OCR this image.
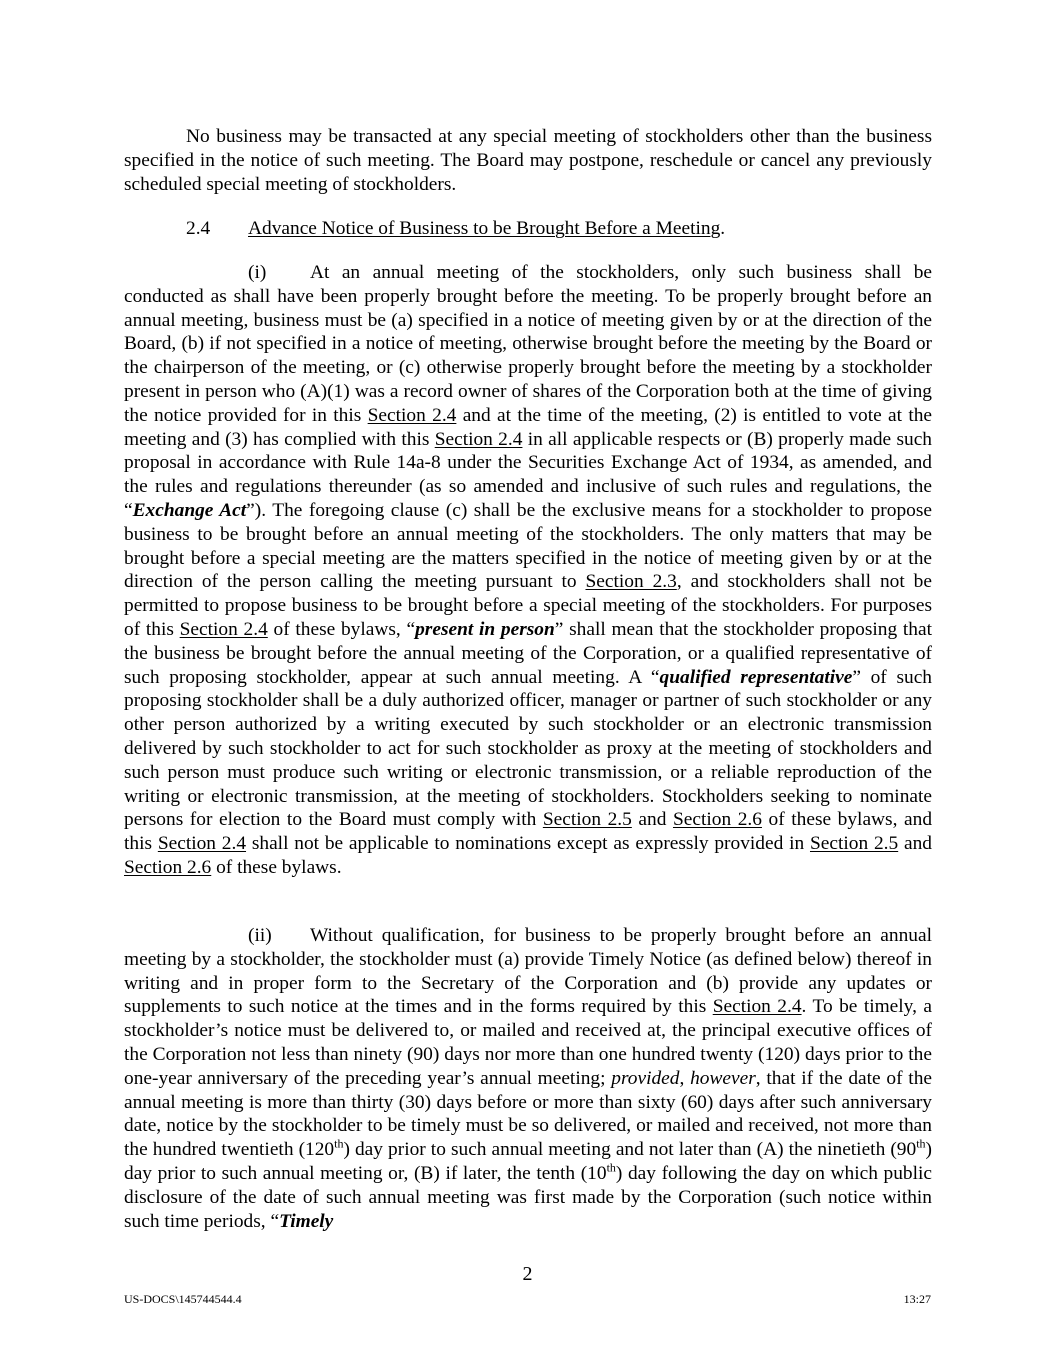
No business may be transacted at any special meeting of stockholders other than the business specified in the notice of such meeting. The Board may postpone, reschedule or cancel any previously scheduled special meeting of stockholders.

2.4 Advance Notice of Business to be Brought Before a Meeting.

(i) At an annual meeting of the stockholders, only such business shall be conducted as shall have been properly brought before the meeting. To be properly brought before an annual meeting, business must be (a) specified in a notice of meeting given by or at the direction of the Board, (b) if not specified in a notice of meeting, otherwise brought before the meeting by the Board or the chairperson of the meeting, or (c) otherwise properly brought before the meeting by a stockholder present in person who (A)(1) was a record owner of shares of the Corporation both at the time of giving the notice provided for in this Section 2.4 and at the time of the meeting, (2) is entitled to vote at the meeting and (3) has complied with this Section 2.4 in all applicable respects or (B) properly made such proposal in accordance with Rule 14a-8 under the Securities Exchange Act of 1934, as amended, and the rules and regulations thereunder (as so amended and inclusive of such rules and regulations, the “Exchange Act”). The foregoing clause (c) shall be the exclusive means for a stockholder to propose business to be brought before an annual meeting of the stockholders. The only matters that may be brought before a special meeting are the matters specified in the notice of meeting given by or at the direction of the person calling the meeting pursuant to Section 2.3, and stockholders shall not be permitted to propose business to be brought before a special meeting of the stockholders. For purposes of this Section 2.4 of these bylaws, “present in person” shall mean that the stockholder proposing that the business be brought before the annual meeting of the Corporation, or a qualified representative of such proposing stockholder, appear at such annual meeting. A “qualified representative” of such proposing stockholder shall be a duly authorized officer, manager or partner of such stockholder or any other person authorized by a writing executed by such stockholder or an electronic transmission delivered by such stockholder to act for such stockholder as proxy at the meeting of stockholders and such person must produce such writing or electronic transmission, or a reliable reproduction of the writing or electronic transmission, at the meeting of stockholders. Stockholders seeking to nominate persons for election to the Board must comply with Section 2.5 and Section 2.6 of these bylaws, and this Section 2.4 shall not be applicable to nominations except as expressly provided in Section 2.5 and Section 2.6 of these bylaws.

(ii) Without qualification, for business to be properly brought before an annual meeting by a stockholder, the stockholder must (a) provide Timely Notice (as defined below) thereof in writing and in proper form to the Secretary of the Corporation and (b) provide any updates or supplements to such notice at the times and in the forms required by this Section 2.4. To be timely, a stockholder’s notice must be delivered to, or mailed and received at, the principal executive offices of the Corporation not less than ninety (90) days nor more than one hundred twenty (120) days prior to the one-year anniversary of the preceding year’s annual meeting; provided, however, that if the date of the annual meeting is more than thirty (30) days before or more than sixty (60) days after such anniversary date, notice by the stockholder to be timely must be so delivered, or mailed and received, not more than the hundred twentieth (120th) day prior to such annual meeting and not later than (A) the ninetieth (90th) day prior to such annual meeting or, (B) if later, the tenth (10th) day following the day on which public disclosure of the date of such annual meeting was first made by the Corporation (such notice within such time periods, “Timely

2
US-DOCS\145744544.4	13:27
